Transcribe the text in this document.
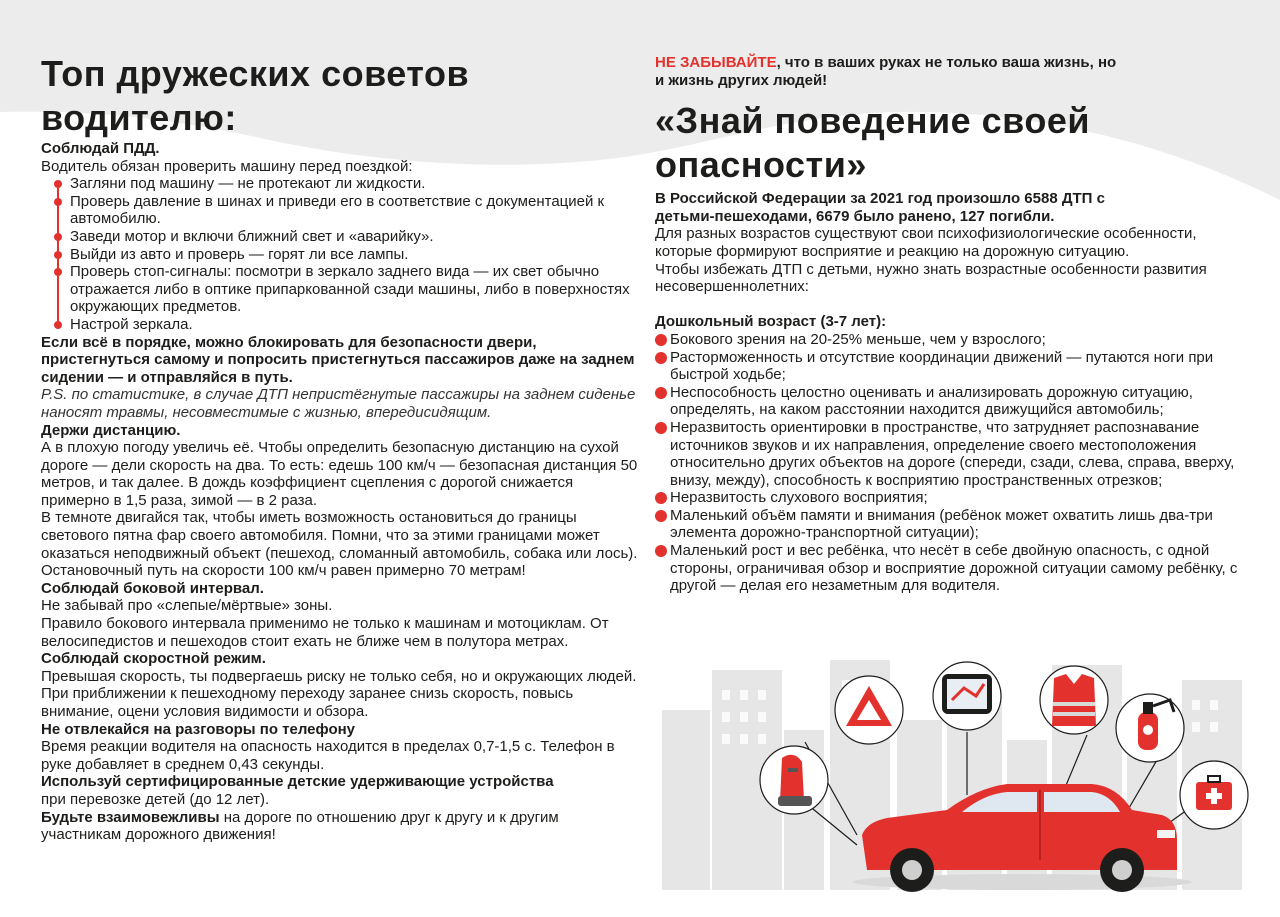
Топ дружеских советов водителю:

Соблюдай ПДД.

Водитель обязан проверить машину перед поездкой:

Загляни под машину — не протекают ли жидкости.
Проверь давление в шинах и приведи его в соответствие с документацией к автомобилю.
Заведи мотор и включи ближний свет и «аварийку».
Выйди из авто и проверь — горят ли все лампы.
Проверь стоп-сигналы: посмотри в зеркало заднего вида — их свет обычно отражается либо в оптике припаркованной сзади машины, либо в поверхностях окружающих предметов.
Настрой зеркала.

Если всё в порядке, можно блокировать для безопасности двери, пристегнуться самому и попросить пристегнуться пассажиров даже на заднем сидении — и отправляйся в путь.

P.S. по статистике, в случае ДТП непристёгнутые пассажиры на заднем сиденье наносят травмы, несовместимые с жизнью, впередисидящим.

Держи дистанцию.

А в плохую погоду увеличь её. Чтобы определить безопасную дистанцию на сухой дороге — дели скорость на два. То есть: едешь 100 км/ч — безопасная дистанция 50 метров, и так далее. В дождь коэффициент сцепления с дорогой снижается примерно в 1,5 раза, зимой — в 2 раза.

В темноте двигайся так, чтобы иметь возможность остановиться до границы светового пятна фар своего автомобиля. Помни, что за этими границами может оказаться неподвижный объект (пешеход, сломанный автомобиль, собака или лось). Остановочный путь на скорости 100 км/ч равен примерно 70 метрам!

Соблюдай боковой интервал.

Не забывай про «слепые/мёртвые» зоны.

Правило бокового интервала применимо не только к машинам и мотоциклам. От велосипедистов и пешеходов стоит ехать не ближе чем в полутора метрах.

Соблюдай скоростной режим.

Превышая скорость, ты подвергаешь риску не только себя, но и окружающих людей. При приближении к пешеходному переходу заранее снизь скорость, повысь внимание, оцени условия видимости и обзора.

Не отвлекайся на разговоры по телефону

Время реакции водителя на опасность находится в пределах 0,7-1,5 с. Телефон в руке добавляет в среднем 0,43 секунды.

Используй сертифицированные детские удерживающие устройства

при перевозке детей (до 12 лет).

Будьте взаимовежливы на дороге по отношению друг к другу и к другим участникам дорожного движения!

НЕ ЗАБЫВАЙТЕ, что в ваших руках не только ваша жизнь, но и жизнь других людей!

«Знай поведение своей опасности»

В Российской Федерации за 2021 год произошло 6588 ДТП с детьми-пешеходами, 6679 было ранено, 127 погибли.

Для разных возрастов существуют свои психофизиологические особенности, которые формируют восприятие и реакцию на дорожную ситуацию.

Чтобы избежать ДТП с детьми, нужно знать возрастные особенности развития несовершеннолетних:

Дошкольный возраст (3-7 лет):

Бокового зрения на 20-25% меньше, чем у взрослого;
Расторможенность и отсутствие координации движений — путаются ноги при быстрой ходьбе;
Неспособность целостно оценивать и анализировать дорожную ситуацию, определять, на каком расстоянии находится движущийся автомобиль;
Неразвитость ориентировки в пространстве, что затрудняет распознавание источников звуков и их направления, определение своего местоположения относительно других объектов на дороге (спереди, сзади, слева, справа, вверху, внизу, между), способность к восприятию пространственных отрезков;
Неразвитость слухового восприятия;
Маленький объём памяти и внимания (ребёнок может охватить лишь два-три элемента дорожно-транспортной ситуации);
Маленький рост и вес ребёнка, что несёт в себе двойную опасность, с одной стороны, ограничивая обзор и восприятие дорожной ситуации самому ребёнку, с другой — делая его незаметным для водителя.
